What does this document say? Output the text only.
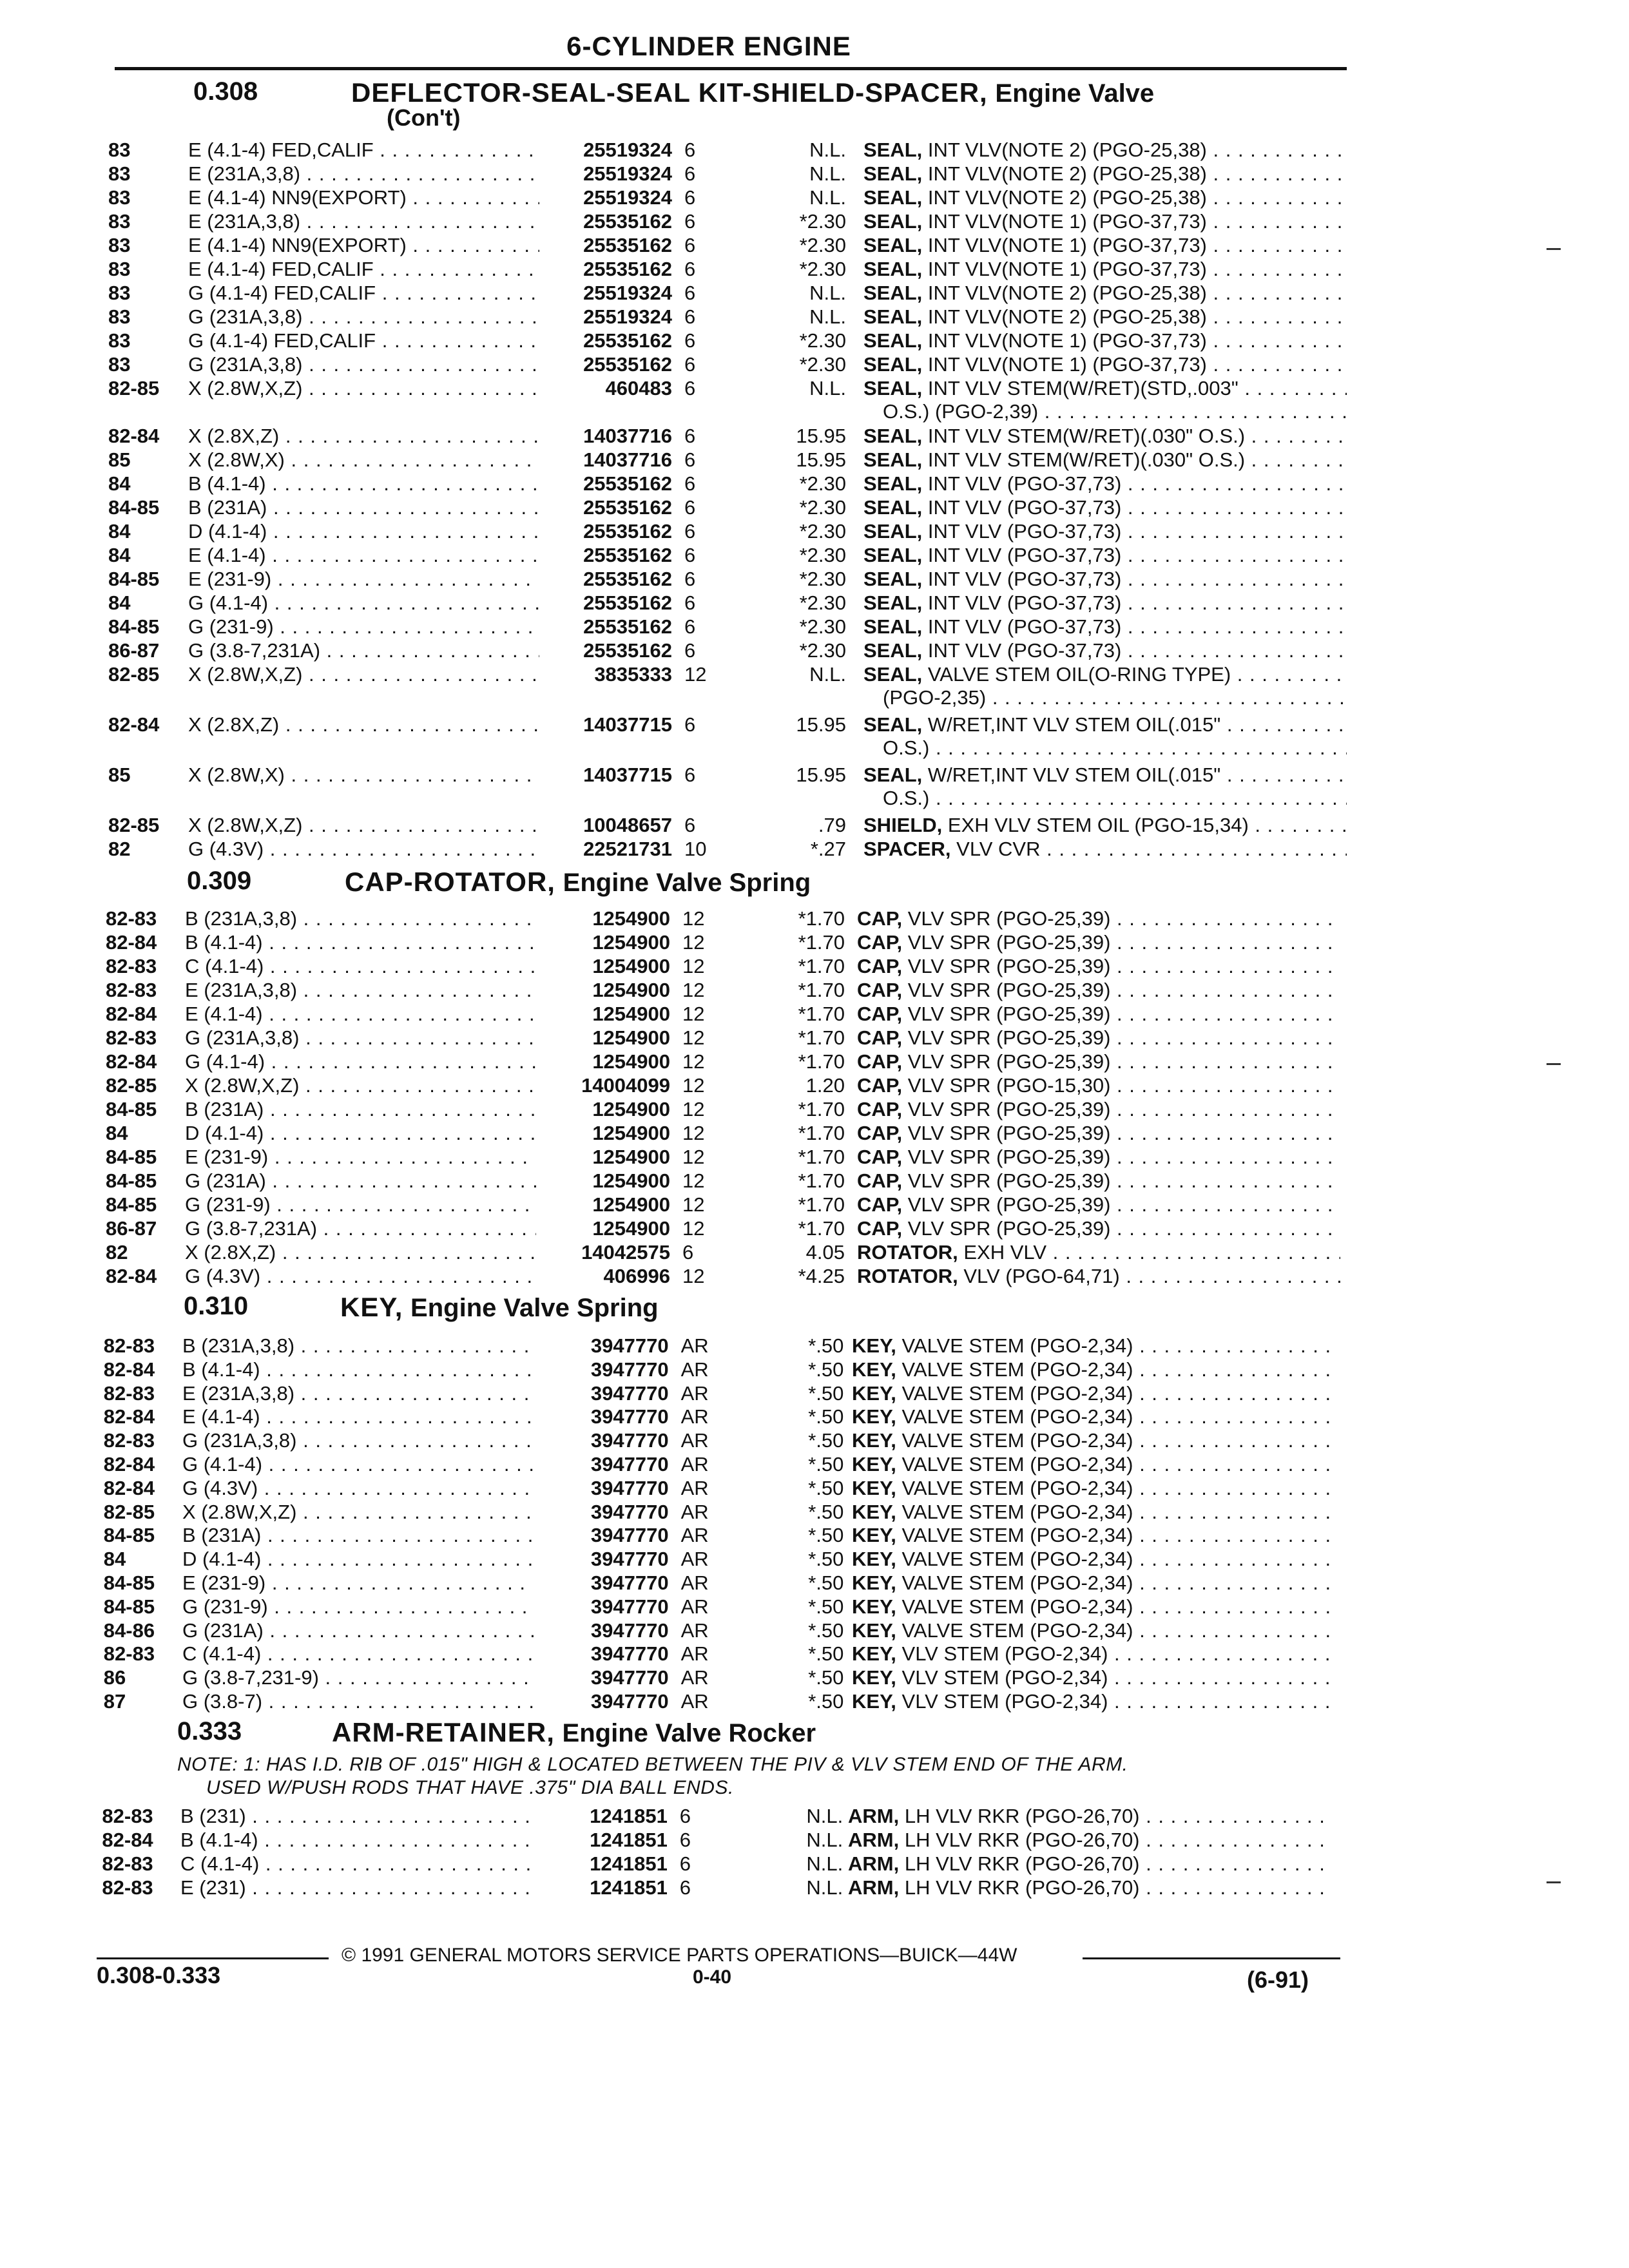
6-CYLINDER ENGINE
0.308	DEFLECTOR-SEAL-SEAL KIT-SHIELD-SPACER, Engine Valve
(Con't)
83	E (4.1-4) FED,CALIF . . .	25519324 6	N.L. SEAL, INT VLV(NOTE 2) (PGO-25,38) . . .
83	E (231A,3,8) . . .	25519324 6	N.L. SEAL, INT VLV(NOTE 2) (PGO-25,38) . . .
83	E (4.1-4) NN9(EXPORT) . . .	25519324 6	N.L. SEAL, INT VLV(NOTE 2) (PGO-25,38) . . .
83	E (231A,3,8) . . .	25535162 6	*2.30 SEAL, INT VLV(NOTE 1) (PGO-37,73) . . .
83	E (4.1-4) NN9(EXPORT) . . .	25535162 6	*2.30 SEAL, INT VLV(NOTE 1) (PGO-37,73) . . .
83	E (4.1-4) FED,CALIF . . .	25535162 6	*2.30 SEAL, INT VLV(NOTE 1) (PGO-37,73) . . .
83	G (4.1-4) FED,CALIF . . .	25519324 6	N.L. SEAL, INT VLV(NOTE 2) (PGO-25,38) . . .
83	G (231A,3,8) . . .	25519324 6	N.L. SEAL, INT VLV(NOTE 2) (PGO-25,38) . . .
83	G (4.1-4) FED,CALIF . . .	25535162 6	*2.30 SEAL, INT VLV(NOTE 1) (PGO-37,73) . . .
83	G (231A,3,8) . . .	25535162 6	*2.30 SEAL, INT VLV(NOTE 1) (PGO-37,73) . . .
82-85 X (2.8W,X,Z) . . .	460483 6	N.L. SEAL, INT VLV STEM(W/RET)(STD,.003" . . .
O.S.) (PGO-2,39) . . .
82-84 X (2.8X,Z) . . .	14037716 6	15.95 SEAL, INT VLV STEM(W/RET)(.030" O.S.) . . .
85	X (2.8W,X) . . .	14037716 6	15.95 SEAL, INT VLV STEM(W/RET)(.030" O.S.) . . .
84	B (4.1-4) . . .	25535162 6	*2.30 SEAL, INT VLV (PGO-37,73) . . .
84-85 B (231A) . . .	25535162 6	*2.30 SEAL, INT VLV (PGO-37,73) . . .
84	D (4.1-4) . . .	25535162 6	*2.30 SEAL, INT VLV (PGO-37,73) . . .
84	E (4.1-4) . . .	25535162 6	*2.30 SEAL, INT VLV (PGO-37,73) . . .
84-85 E (231-9) . . .	25535162 6	*2.30 SEAL, INT VLV (PGO-37,73) . . .
84	G (4.1-4) . . .	25535162 6	*2.30 SEAL, INT VLV (PGO-37,73) . . .
84-85 G (231-9) . . .	25535162 6	*2.30 SEAL, INT VLV (PGO-37,73) . . .
86-87 G (3.8-7,231A) . . .	25535162 6	*2.30 SEAL, INT VLV (PGO-37,73) . . .
82-85 X (2.8W,X,Z) . . .	3835333 12	N.L. SEAL, VALVE STEM OIL(O-RING TYPE) . . .
(PGO-2,35) . . .
82-84 X (2.8X,Z) . . .	14037715 6	15.95 SEAL, W/RET,INT VLV STEM OIL(.015" . . .
O.S.) . . .
85	X (2.8W,X) . . .	14037715 6	15.95 SEAL, W/RET,INT VLV STEM OIL(.015" . . .
O.S.) . . .
82-85 X (2.8W,X,Z) . . .	10048657 6	.79 SHIELD, EXH VLV STEM OIL (PGO-15,34) . . .
82	G (4.3V) . . .	22521731 10	*.27 SPACER, VLV CVR . . .
0.309	CAP-ROTATOR, Engine Valve Spring
82-83 B (231A,3,8) . . .	1254900 12	*1.70 CAP, VLV SPR (PGO-25,39) . . .
82-84 B (4.1-4) . . .	1254900 12	*1.70 CAP, VLV SPR (PGO-25,39) . . .
82-83 C (4.1-4) . . .	1254900 12	*1.70 CAP, VLV SPR (PGO-25,39) . . .
82-83 E (231A,3,8) . . .	1254900 12	*1.70 CAP, VLV SPR (PGO-25,39) . . .
82-84 E (4.1-4) . . .	1254900 12	*1.70 CAP, VLV SPR (PGO-25,39) . . .
82-83 G (231A,3,8) . . .	1254900 12	*1.70 CAP, VLV SPR (PGO-25,39) . . .
82-84 G (4.1-4) . . .	1254900 12	*1.70 CAP, VLV SPR (PGO-25,39) . . .
82-85 X (2.8W,X,Z) . . .	14004099 12	1.20 CAP, VLV SPR (PGO-15,30) . . .
84-85 B (231A) . . .	1254900 12	*1.70 CAP, VLV SPR (PGO-25,39) . . .
84	D (4.1-4) . . .	1254900 12	*1.70 CAP, VLV SPR (PGO-25,39) . . .
84-85 E (231-9) . . .	1254900 12	*1.70 CAP, VLV SPR (PGO-25,39) . . .
84-85 G (231A) . . .	1254900 12	*1.70 CAP, VLV SPR (PGO-25,39) . . .
84-85 G (231-9) . . .	1254900 12	*1.70 CAP, VLV SPR (PGO-25,39) . . .
86-87 G (3.8-7,231A) . . .	1254900 12	*1.70 CAP, VLV SPR (PGO-25,39) . . .
82	X (2.8X,Z) . . .	14042575 6	4.05 ROTATOR, EXH VLV . . .
82-84 G (4.3V) . . .	406996 12	*4.25 ROTATOR, VLV (PGO-64,71) . . .
0.310	KEY, Engine Valve Spring
82-83 B (231A,3,8) . . .	3947770 AR	*.50 KEY, VALVE STEM (PGO-2,34) . . .
82-84 B (4.1-4) . . .	3947770 AR	*.50 KEY, VALVE STEM (PGO-2,34) . . .
82-83 E (231A,3,8) . . .	3947770 AR	*.50 KEY, VALVE STEM (PGO-2,34) . . .
82-84 E (4.1-4) . . .	3947770 AR	*.50 KEY, VALVE STEM (PGO-2,34) . . .
82-83 G (231A,3,8) . . .	3947770 AR	*.50 KEY, VALVE STEM (PGO-2,34) . . .
82-84 G (4.1-4) . . .	3947770 AR	*.50 KEY, VALVE STEM (PGO-2,34) . . .
82-84 G (4.3V) . . .	3947770 AR	*.50 KEY, VALVE STEM (PGO-2,34) . . .
82-85 X (2.8W,X,Z) . . .	3947770 AR	*.50 KEY, VALVE STEM (PGO-2,34) . . .
84-85 B (231A) . . .	3947770 AR	*.50 KEY, VALVE STEM (PGO-2,34) . . .
84	D (4.1-4) . . .	3947770 AR	*.50 KEY, VALVE STEM (PGO-2,34) . . .
84-85 E (231-9) . . .	3947770 AR	*.50 KEY, VALVE STEM (PGO-2,34) . . .
84-85 G (231-9) . . .	3947770 AR	*.50 KEY, VALVE STEM (PGO-2,34) . . .
84-86 G (231A) . . .	3947770 AR	*.50 KEY, VALVE STEM (PGO-2,34) . . .
82-83 C (4.1-4) . . .	3947770 AR	*.50 KEY, VLV STEM (PGO-2,34) . . .
86	G (3.8-7,231-9) . . .	3947770 AR	*.50 KEY, VLV STEM (PGO-2,34) . . .
87	G (3.8-7) . . .	3947770 AR	*.50 KEY, VLV STEM (PGO-2,34) . . .
0.333	ARM-RETAINER, Engine Valve Rocker
NOTE: 1: HAS I.D. RIB OF .015" HIGH & LOCATED BETWEEN THE PIV & VLV STEM END OF THE ARM.
USED W/PUSH RODS THAT HAVE .375" DIA BALL ENDS.
82-83 B (231) . . .	1241851 6	N.L. ARM, LH VLV RKR (PGO-26,70) . . .
82-84 B (4.1-4) . . .	1241851 6	N.L. ARM, LH VLV RKR (PGO-26,70) . . .
82-83 C (4.1-4) . . .	1241851 6	N.L. ARM, LH VLV RKR (PGO-26,70) . . .
82-83 E (231) . . .	1241851 6	N.L. ARM, LH VLV RKR (PGO-26,70) . . .
© 1991 GENERAL MOTORS SERVICE PARTS OPERATIONS—BUICK—44W
0.308-0.333	0-40	(6-91)
